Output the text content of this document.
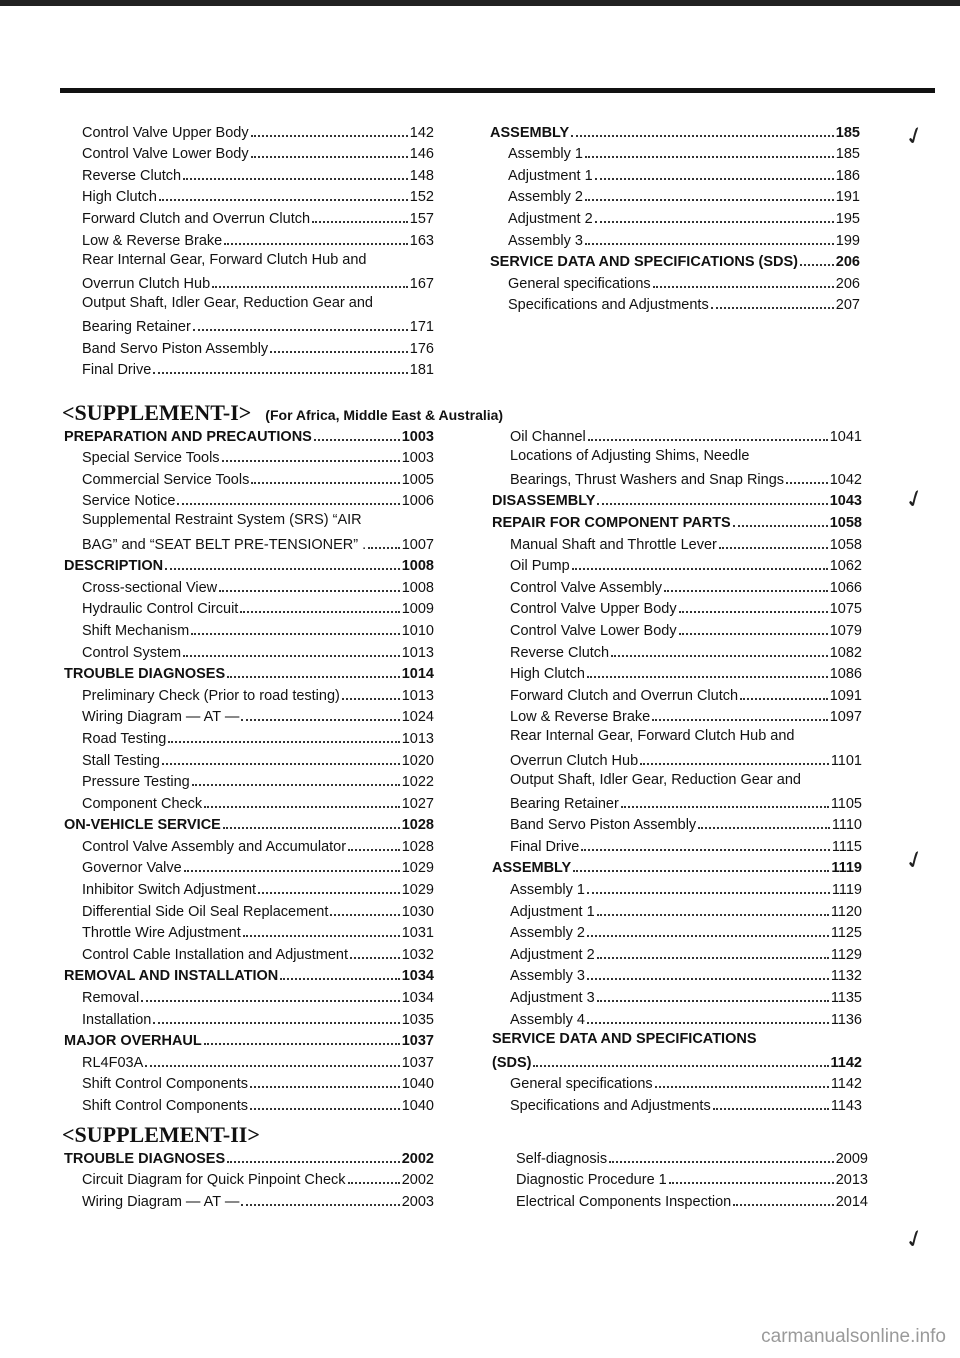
Control Valve Upper Body	142
Control Valve Lower Body	146
Reverse Clutch	148
High Clutch	152
Forward Clutch and Overrun Clutch	157
Low & Reverse Brake	163
Rear Internal Gear, Forward Clutch Hub and
Overrun Clutch Hub	167
Output Shaft, Idler Gear, Reduction Gear and
Bearing Retainer	171
Band Servo Piston Assembly	176
Final Drive	181
ASSEMBLY	185
Assembly 1	185
Adjustment 1	186
Assembly 2	191
Adjustment 2	195
Assembly 3	199
SERVICE DATA AND SPECIFICATIONS (SDS)	206
General specifications	206
Specifications and Adjustments	207
<SUPPLEMENT-I> (For Africa, Middle East & Australia)
PREPARATION AND PRECAUTIONS	1003
Special Service Tools	1003
Commercial Service Tools	1005
Service Notice	1006
Supplemental Restraint System (SRS) “AIR
BAG” and “SEAT BELT PRE-TENSIONER” . 1007
DESCRIPTION	1008
Cross-sectional View	1008
Hydraulic Control Circuit	1009
Shift Mechanism	1010
Control System	1013
TROUBLE DIAGNOSES	1014
Preliminary Check (Prior to road testing)	1013
Wiring Diagram — AT —	1024
Road Testing	1013
Stall Testing	1020
Pressure Testing	1022
Component Check	1027
ON-VEHICLE SERVICE	1028
Control Valve Assembly and Accumulator	1028
Governor Valve	1029
Inhibitor Switch Adjustment	1029
Differential Side Oil Seal Replacement	1030
Throttle Wire Adjustment	1031
Control Cable Installation and Adjustment	1032
REMOVAL AND INSTALLATION	1034
Removal	1034
Installation	1035
MAJOR OVERHAUL	1037
RL4F03A	1037
Shift Control Components	1040
Shift Control Components	1040
Oil Channel	1041
Locations of Adjusting Shims, Needle
Bearings, Thrust Washers and Snap Rings	1042
DISASSEMBLY	1043
REPAIR FOR COMPONENT PARTS	1058
Manual Shaft and Throttle Lever	1058
Oil Pump	1062
Control Valve Assembly	1066
Control Valve Upper Body	1075
Control Valve Lower Body	1079
Reverse Clutch	1082
High Clutch	1086
Forward Clutch and Overrun Clutch	1091
Low & Reverse Brake	1097
Rear Internal Gear, Forward Clutch Hub and
Overrun Clutch Hub	1101
Output Shaft, Idler Gear, Reduction Gear and
Bearing Retainer	1105
Band Servo Piston Assembly	1110
Final Drive	1115
ASSEMBLY	1119
Assembly 1	1119
Adjustment 1	1120
Assembly 2	1125
Adjustment 2	1129
Assembly 3	1132
Adjustment 3	1135
Assembly 4	1136
SERVICE DATA AND SPECIFICATIONS
(SDS)	1142
General specifications	1142
Specifications and Adjustments	1143
<SUPPLEMENT-II>
TROUBLE DIAGNOSES	2002
Circuit Diagram for Quick Pinpoint Check	2002
Wiring Diagram — AT —	2003
Self-diagnosis	2009
Diagnostic Procedure 1	2013
Electrical Components Inspection	2014
✓
✓
✓
✓
carmanualsonline.info
